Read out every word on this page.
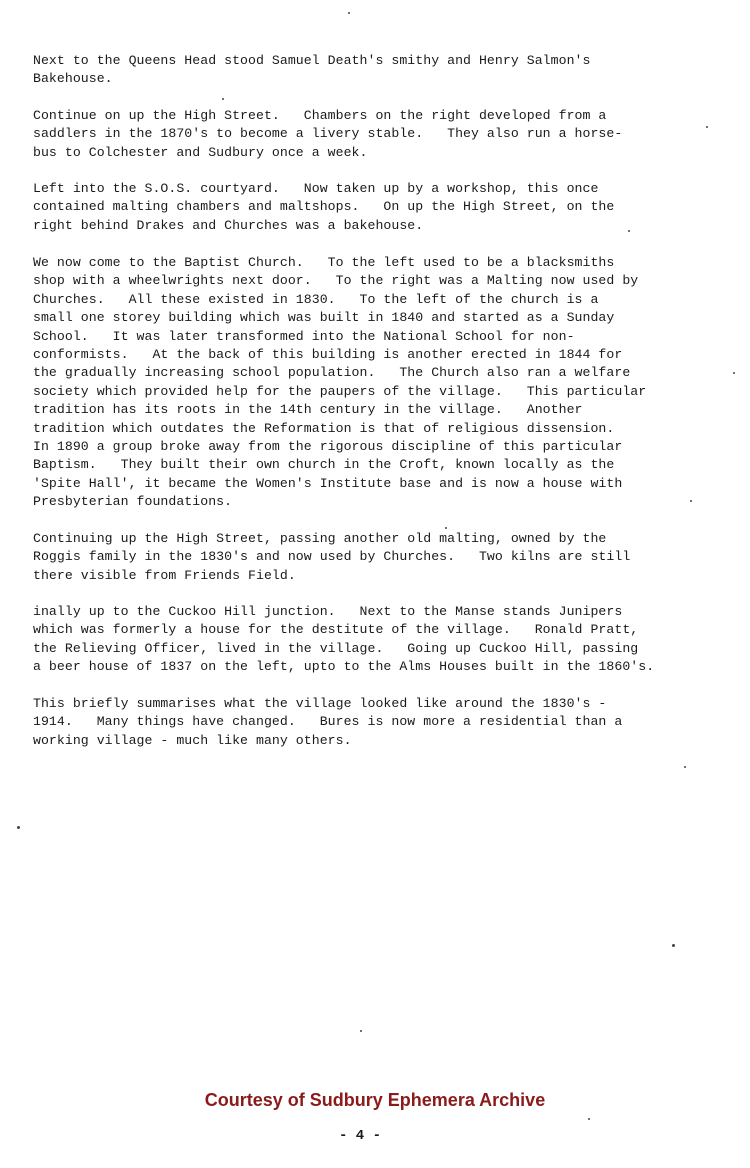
Next to the Queens Head stood Samuel Death's smithy and Henry Salmon's
Bakehouse.
Continue on up the High Street.   Chambers on the right developed from a
saddlers in the 1870's to become a livery stable.   They also run a horse-
bus to Colchester and Sudbury once a week.
Left into the S.O.S. courtyard.   Now taken up by a workshop, this once
contained malting chambers and maltshops.   On up the High Street, on the
right behind Drakes and Churches was a bakehouse.
We now come to the Baptist Church.   To the left used to be a blacksmiths
shop with a wheelwrights next door.   To the right was a Malting now used by
Churches.   All these existed in 1830.   To the left of the church is a
small one storey building which was built in 1840 and started as a Sunday
School.   It was later transformed into the National School for non-
conformists.   At the back of this building is another erected in 1844 for
the gradually increasing school population.   The Church also ran a welfare
society which provided help for the paupers of the village.   This particular
tradition has its roots in the 14th century in the village.   Another
tradition which outdates the Reformation is that of religious dissension.
In 1890 a group broke away from the rigorous discipline of this particular
Baptism.   They built their own church in the Croft, known locally as the
'Spite Hall', it became the Women's Institute base and is now a house with
Presbyterian foundations.
Continuing up the High Street, passing another old malting, owned by the
Roggis family in the 1830's and now used by Churches.   Two kilns are still
there visible from Friends Field.
inally up to the Cuckoo Hill junction.   Next to the Manse stands Junipers
which was formerly a house for the destitute of the village.   Ronald Pratt,
the Relieving Officer, lived in the village.   Going up Cuckoo Hill, passing
a beer house of 1837 on the left, upto to the Alms Houses built in the 1860's.
This briefly summarises what the village looked like around the 1830's -
1914.   Many things have changed.   Bures is now more a residential than a
working village - much like many others.
Courtesy of Sudbury Ephemera Archive
- 4 -
